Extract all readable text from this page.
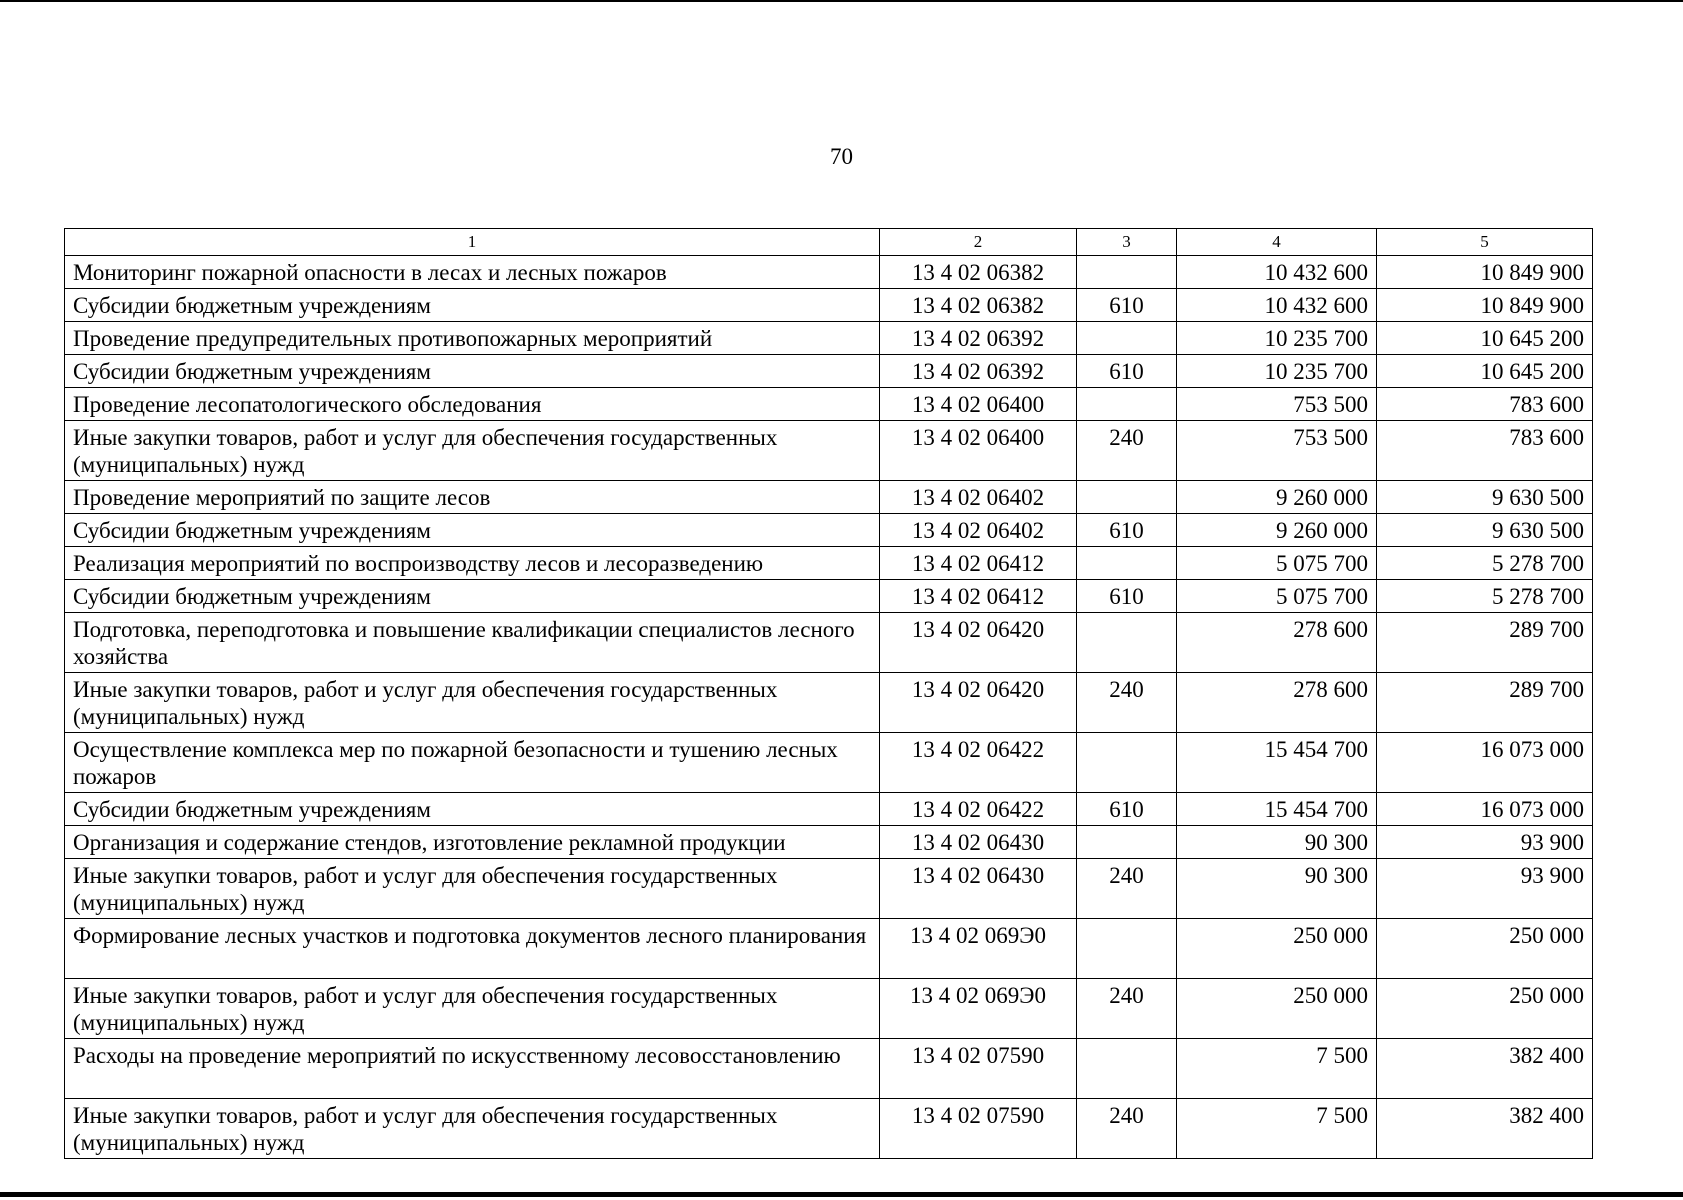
70
1	2	3	4	5
Мониторинг пожарной опасности в лесах и лесных пожаров	13 4 02 06382		10 432 600	10 849 900
Субсидии бюджетным учреждениям	13 4 02 06382	610	10 432 600	10 849 900
Проведение предупредительных противопожарных мероприятий	13 4 02 06392		10 235 700	10 645 200
Субсидии бюджетным учреждениям	13 4 02 06392	610	10 235 700	10 645 200
Проведение лесопатологического обследования	13 4 02 06400		753 500	783 600
Иные закупки товаров, работ и услуг для обеспечения государственных (муниципальных) нужд	13 4 02 06400	240	753 500	783 600
Проведение мероприятий по защите лесов	13 4 02 06402		9 260 000	9 630 500
Субсидии бюджетным учреждениям	13 4 02 06402	610	9 260 000	9 630 500
Реализация мероприятий по воспроизводству лесов и лесоразведению	13 4 02 06412		5 075 700	5 278 700
Субсидии бюджетным учреждениям	13 4 02 06412	610	5 075 700	5 278 700
Подготовка, переподготовка и повышение квалификации специалистов лесного хозяйства	13 4 02 06420		278 600	289 700
Иные закупки товаров, работ и услуг для обеспечения государственных (муниципальных) нужд	13 4 02 06420	240	278 600	289 700
Осуществление комплекса мер по пожарной безопасности и тушению лесных пожаров	13 4 02 06422		15 454 700	16 073 000
Субсидии бюджетным учреждениям	13 4 02 06422	610	15 454 700	16 073 000
Организация и содержание стендов, изготовление рекламной продукции	13 4 02 06430		90 300	93 900
Иные закупки товаров, работ и услуг для обеспечения государственных (муниципальных) нужд	13 4 02 06430	240	90 300	93 900
Формирование лесных участков и подготовка документов лесного планирования	13 4 02 069Э0		250 000	250 000
Иные закупки товаров, работ и услуг для обеспечения государственных (муниципальных) нужд	13 4 02 069Э0	240	250 000	250 000
Расходы на проведение мероприятий по искусственному лесовосстановлению	13 4 02 07590		7 500	382 400
Иные закупки товаров, работ и услуг для обеспечения государственных (муниципальных) нужд	13 4 02 07590	240	7 500	382 400
